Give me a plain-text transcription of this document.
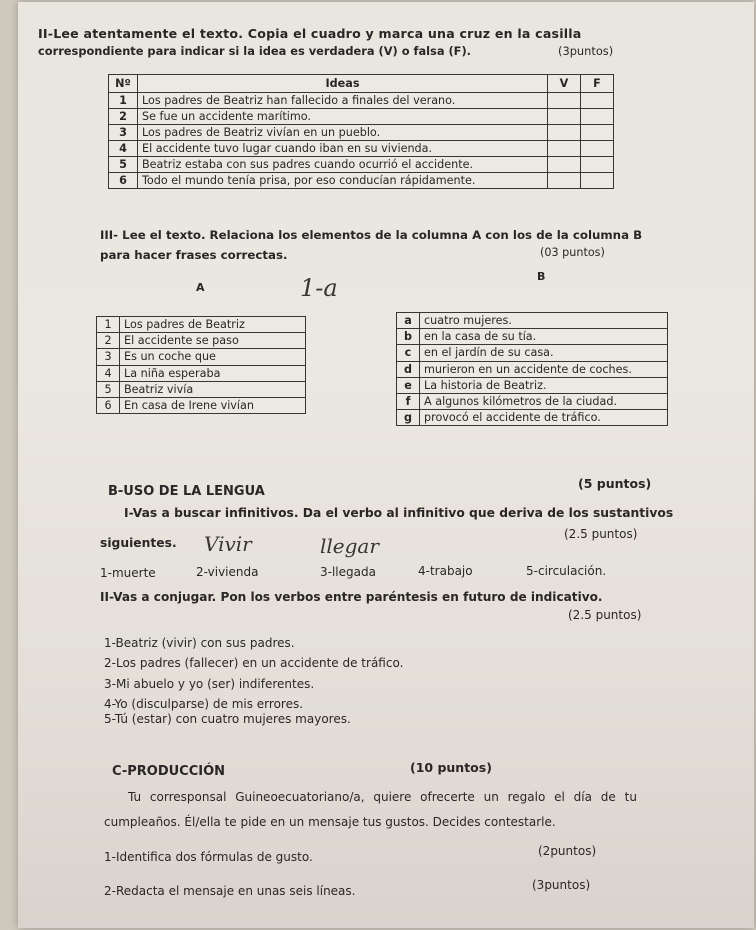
II-Lee atentamente el texto. Copia el cuadro y marca una cruz en la casilla
correspondiente para indicar si la idea es verdadera (V) o falsa (F).	(3puntos)
Nº	Ideas	V	F
1	Los padres de Beatriz han fallecido a finales del verano.		
2	Se fue un accidente marítimo.		
3	Los padres de Beatriz vivían en un pueblo.		
4	El accidente tuvo lugar cuando iban en su vivienda.		
5	Beatriz estaba con sus padres cuando ocurrió el accidente.		
6	Todo el mundo tenía prisa, por eso conducían rápidamente.		
III- Lee el texto. Relaciona los elementos de la columna A con los de la columna B
para hacer frases correctas.	(03 puntos)
A	1-a	B
1	Los padres de Beatriz
2	El accidente se paso
3	Es un coche que
4	La niña esperaba
5	Beatriz vivía
6	En casa de Irene vivían
a	cuatro mujeres.
b	en la casa de su tía.
c	en el jardín de su casa.
d	murieron en un accidente de coches.
e	La historia de Beatriz.
f	A algunos kilómetros de la ciudad.
g	provocó el accidente de tráfico.
B-USO DE LA LENGUA
(5 puntos)
I-Vas a buscar infinitivos. Da el verbo al infinitivo que deriva de los sustantivos
siguientes.
(2.5 puntos)
Vivir	llegar
1-muerte	2-vivienda	3-llegada	4-trabajo	5-circulación.
II-Vas a conjugar. Pon los verbos entre paréntesis en futuro de indicativo.
(2.5 puntos)
1-Beatriz (vivir) con sus padres.
2-Los padres (fallecer) en un accidente de tráfico.
3-Mi abuelo y yo (ser) indiferentes.
4-Yo (disculparse) de mis errores.
5-Tú (estar) con cuatro mujeres mayores.
C-PRODUCCIÓN	(10 puntos)
Tu corresponsal Guineoecuatoriano/a, quiere ofrecerte un regalo el día de tu
cumpleaños. Él/ella te pide en un mensaje tus gustos. Decides contestarle.
1-Identifica dos fórmulas de gusto.	(2puntos)
2-Redacta el mensaje en unas seis líneas.	(3puntos)
